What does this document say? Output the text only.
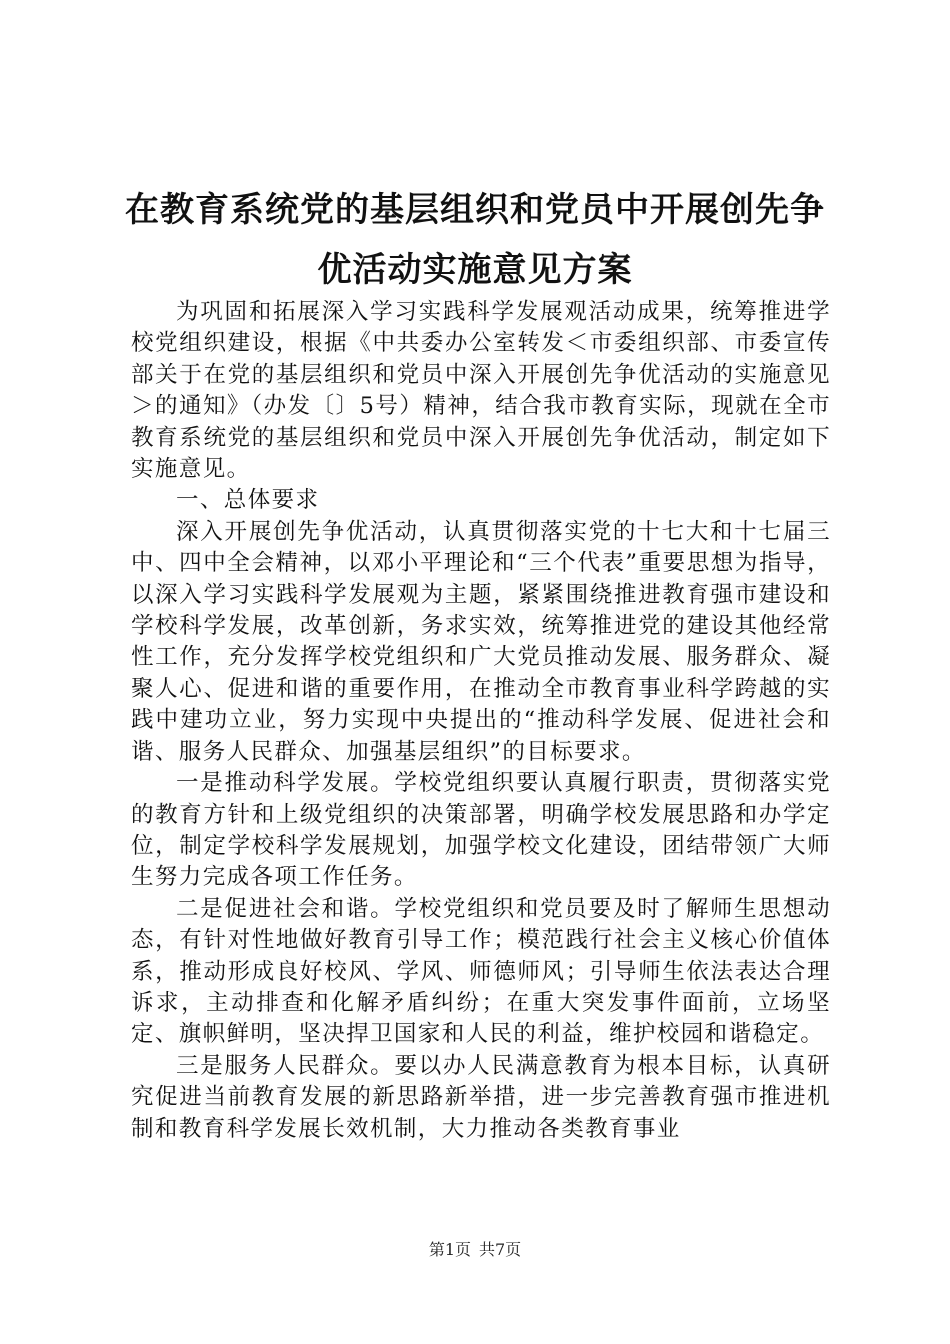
在教育系统党的基层组织和党员中开展创先争
优活动实施意见方案

为巩固和拓展深入学习实践科学发展观活动成果，统筹推进学校党组织建设，根据《中共委办公室转发＜市委组织部、市委宣传部关于在党的基层组织和党员中深入开展创先争优活动的实施意见＞的通知》（办发〔〕5号）精神，结合我市教育实际，现就在全市教育系统党的基层组织和党员中深入开展创先争优活动，制定如下实施意见。

一、总体要求

深入开展创先争优活动，认真贯彻落实党的十七大和十七届三中、四中全会精神，以邓小平理论和“三个代表”重要思想为指导，以深入学习实践科学发展观为主题，紧紧围绕推进教育强市建设和学校科学发展，改革创新，务求实效，统筹推进党的建设其他经常性工作，充分发挥学校党组织和广大党员推动发展、服务群众、凝聚人心、促进和谐的重要作用，在推动全市教育事业科学跨越的实践中建功立业，努力实现中央提出的“推动科学发展、促进社会和谐、服务人民群众、加强基层组织”的目标要求。

一是推动科学发展。学校党组织要认真履行职责，贯彻落实党的教育方针和上级党组织的决策部署，明确学校发展思路和办学定位，制定学校科学发展规划，加强学校文化建设，团结带领广大师生努力完成各项工作任务。

二是促进社会和谐。学校党组织和党员要及时了解师生思想动态，有针对性地做好教育引导工作；模范践行社会主义核心价值体系，推动形成良好校风、学风、师德师风；引导师生依法表达合理诉求，主动排查和化解矛盾纠纷；在重大突发事件面前，立场坚定、旗帜鲜明，坚决捍卫国家和人民的利益，维护校园和谐稳定。

三是服务人民群众。要以办人民满意教育为根本目标，认真研究促进当前教育发展的新思路新举措，进一步完善教育强市推进机制和教育科学发展长效机制，大力推动各类教育事业

第1页 共7页
